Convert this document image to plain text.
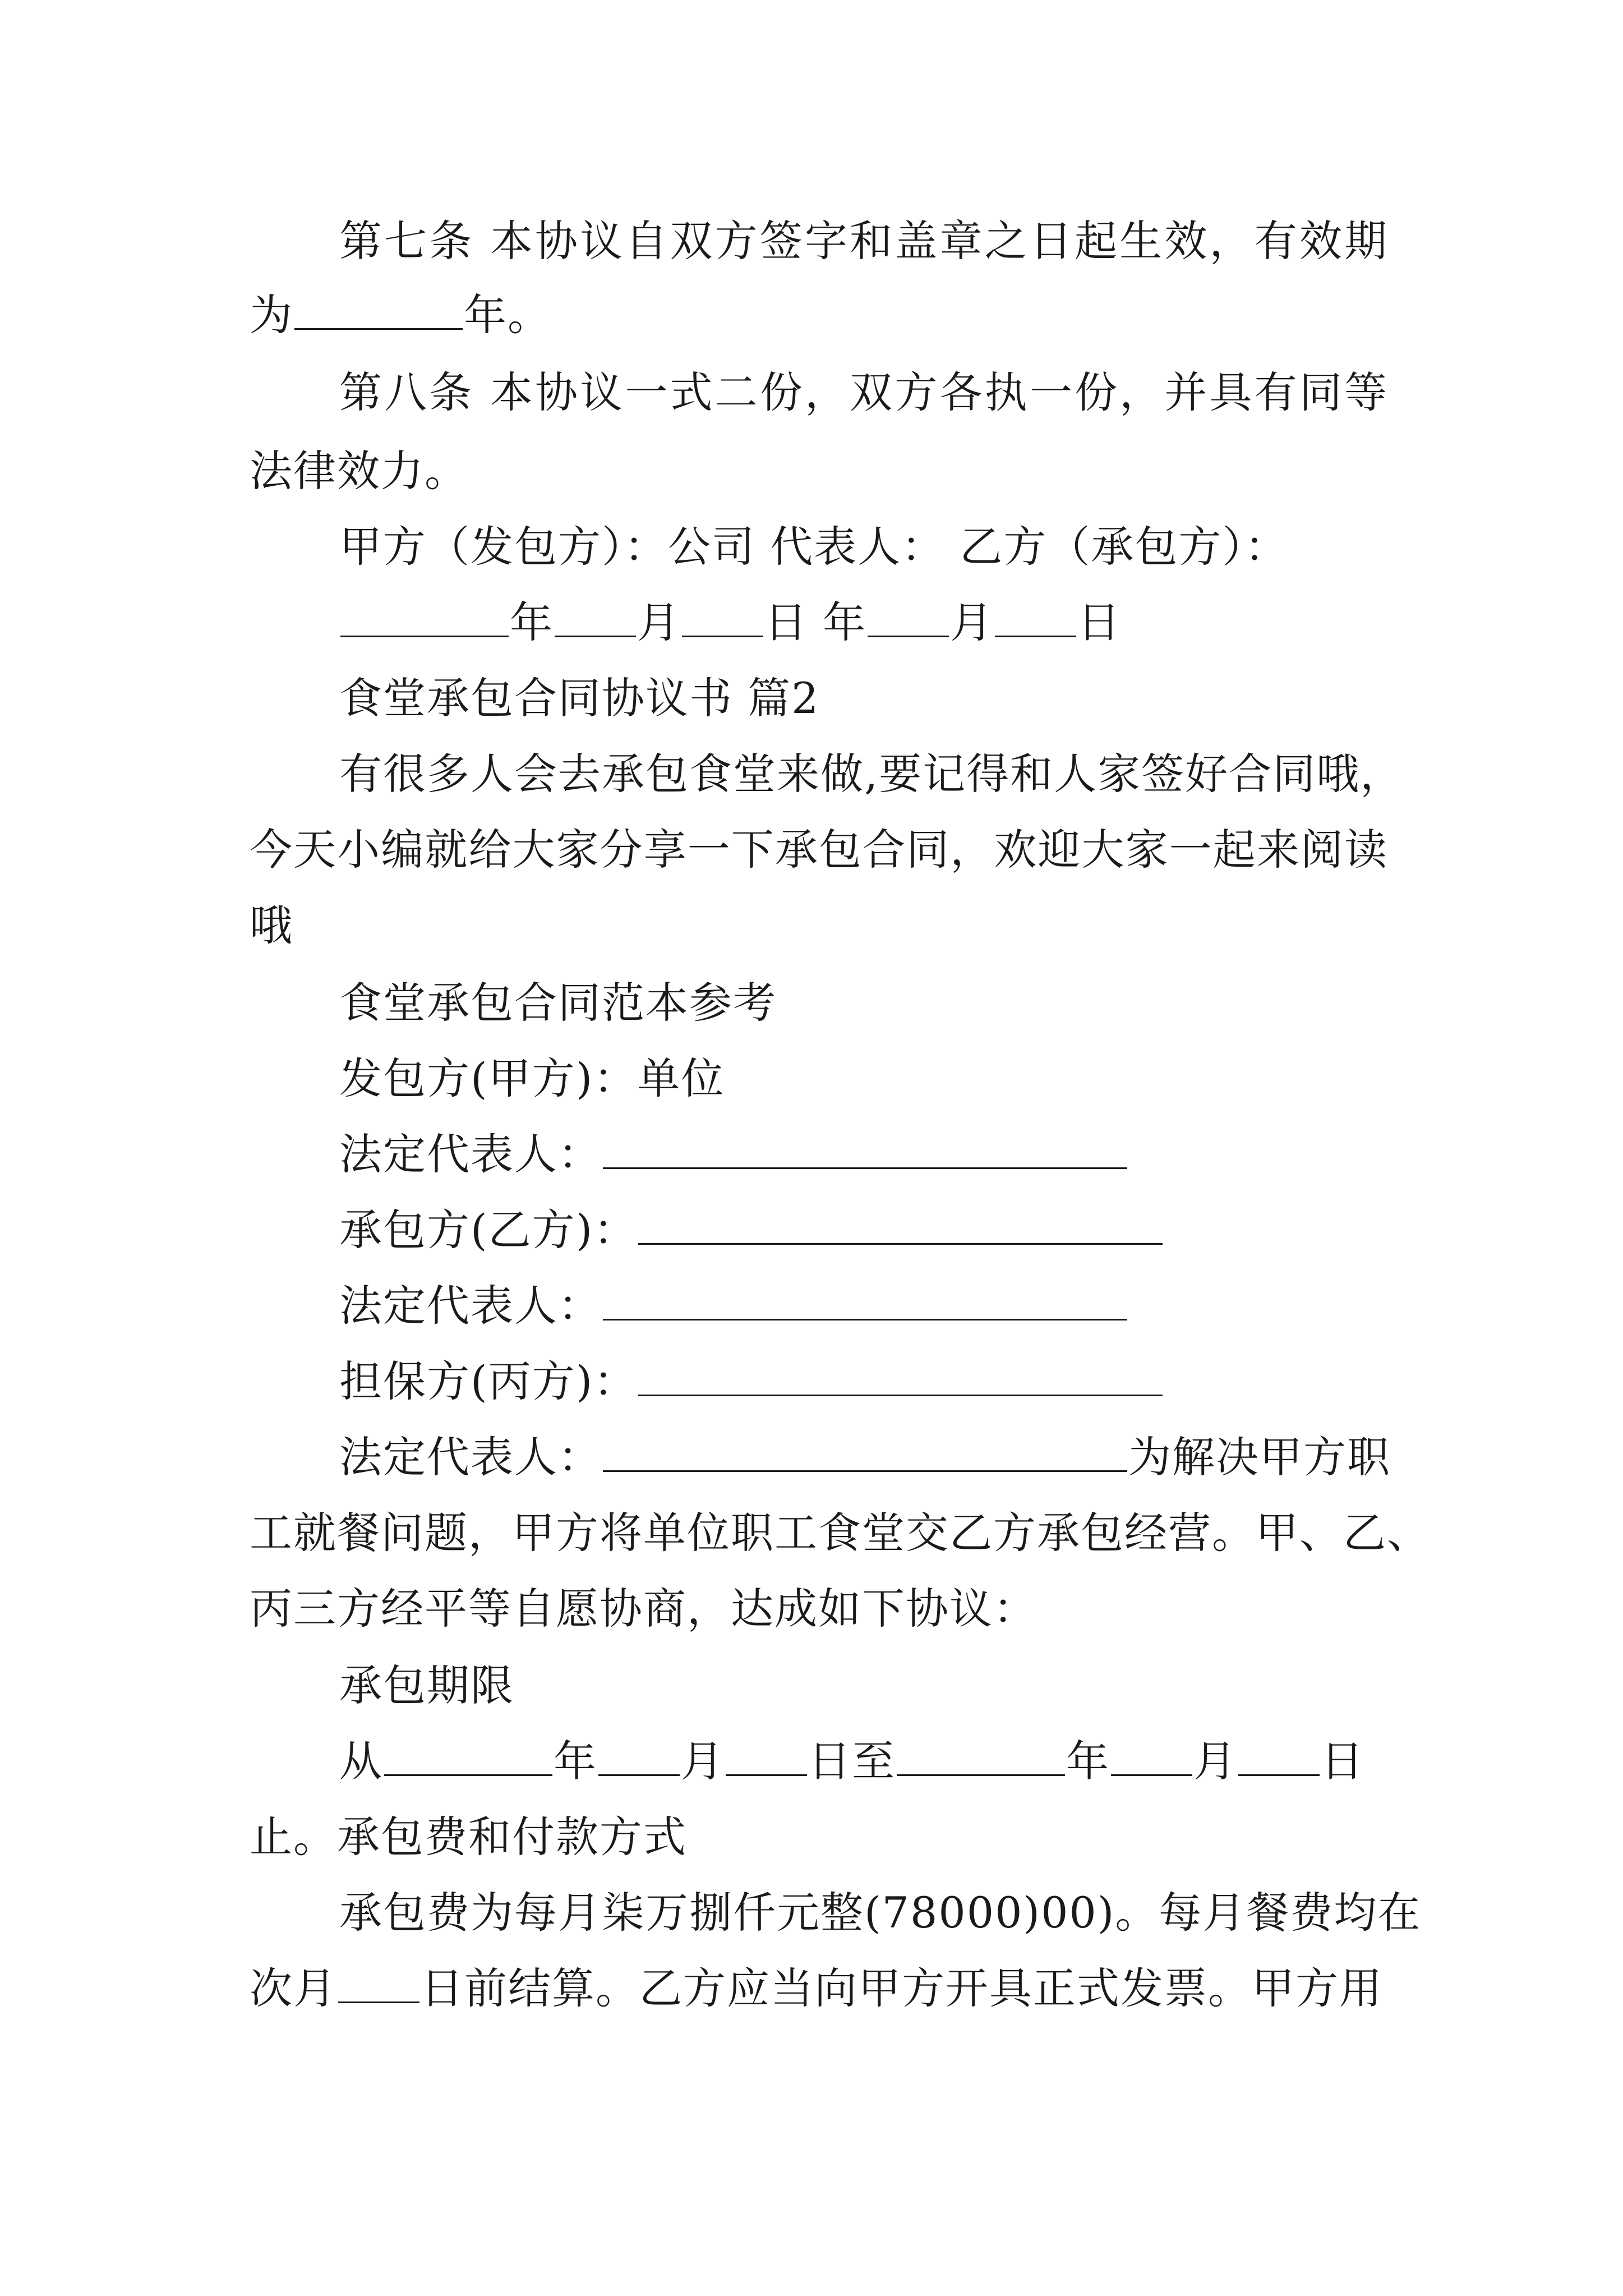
第七条 本协议自双方签字和盖章之日起生效，有效期
为	年。
第八条 本协议一式二份，双方各执一份，并具有同等
法律效力。
甲方（发包方）：公司 代表人： 乙方（承包方）：
年 月 日 年 月 日
食堂承包合同协议书 篇2
有很多人会去承包食堂来做,要记得和人家签好合同哦，
今天小编就给大家分享一下承包合同，欢迎大家一起来阅读
哦
食堂承包合同范本参考
发包方(甲方)：单位
法定代表人：
承包方(乙方)：
法定代表人：
担保方(丙方)：
法定代表人：	为解决甲方职
工就餐问题，甲方将单位职工食堂交乙方承包经营。甲、乙、
丙三方经平等自愿协商，达成如下协议：
承包期限
从	年 月 日至	年 月 日
止。承包费和付款方式
承包费为每月柒万捌仟元整(78000)00)。每月餐费均在
次月 日前结算。乙方应当向甲方开具正式发票。甲方用
